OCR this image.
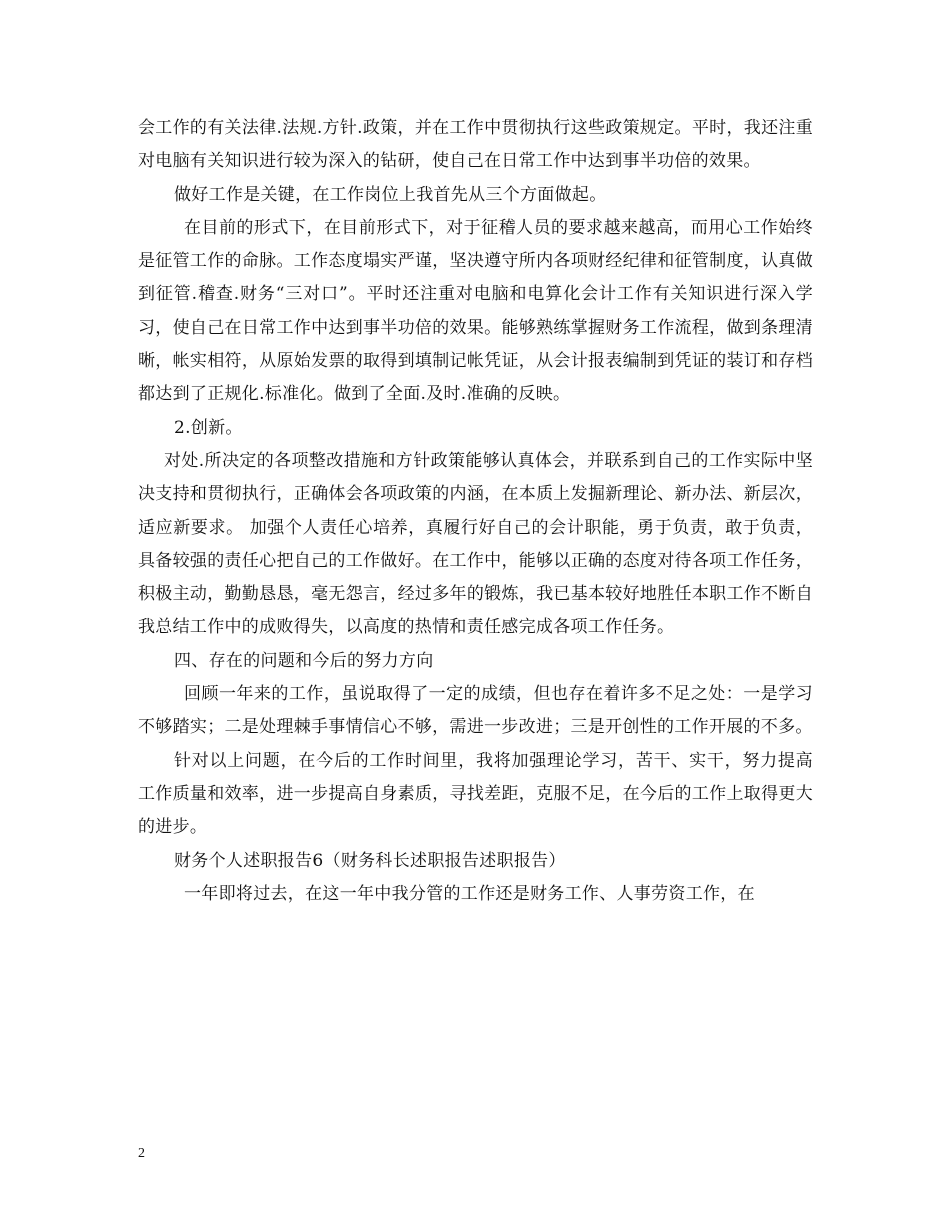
会工作的有关法律.法规.方针.政策，并在工作中贯彻执行这些政策规定。平时，我还注重对电脑有关知识进行较为深入的钻研，使自己在日常工作中达到事半功倍的效果。

做好工作是关键，在工作岗位上我首先从三个方面做起。

在目前的形式下，在目前形式下，对于征稽人员的要求越来越高，而用心工作始终是征管工作的命脉。工作态度塌实严谨，坚决遵守所内各项财经纪律和征管制度，认真做到征管.稽查.财务“三对口”。平时还注重对电脑和电算化会计工作有关知识进行深入学习，使自己在日常工作中达到事半功倍的效果。能够熟练掌握财务工作流程，做到条理清晰，帐实相符，从原始发票的取得到填制记帐凭证，从会计报表编制到凭证的装订和存档都达到了正规化.标准化。做到了全面.及时.准确的反映。

2.创新。

对处.所决定的各项整改措施和方针政策能够认真体会，并联系到自己的工作实际中坚决支持和贯彻执行，正确体会各项政策的内涵，在本质上发掘新理论、新办法、新层次，适应新要求。 加强个人责任心培养，真履行好自己的会计职能，勇于负责，敢于负责，具备较强的责任心把自己的工作做好。在工作中，能够以正确的态度对待各项工作任务，积极主动，勤勤恳恳，毫无怨言，经过多年的锻炼，我已基本较好地胜任本职工作不断自我总结工作中的成败得失，以高度的热情和责任感完成各项工作任务。

四、存在的问题和今后的努力方向

回顾一年来的工作，虽说取得了一定的成绩，但也存在着许多不足之处：一是学习不够踏实；二是处理棘手事情信心不够，需进一步改进；三是开创性的工作开展的不多。

针对以上问题，在今后的工作时间里，我将加强理论学习，苦干、实干，努力提高工作质量和效率，进一步提高自身素质，寻找差距，克服不足，在今后的工作上取得更大的进步。

财务个人述职报告6（财务科长述职报告述职报告）

一年即将过去，在这一年中我分管的工作还是财务工作、人事劳资工作，在

2
